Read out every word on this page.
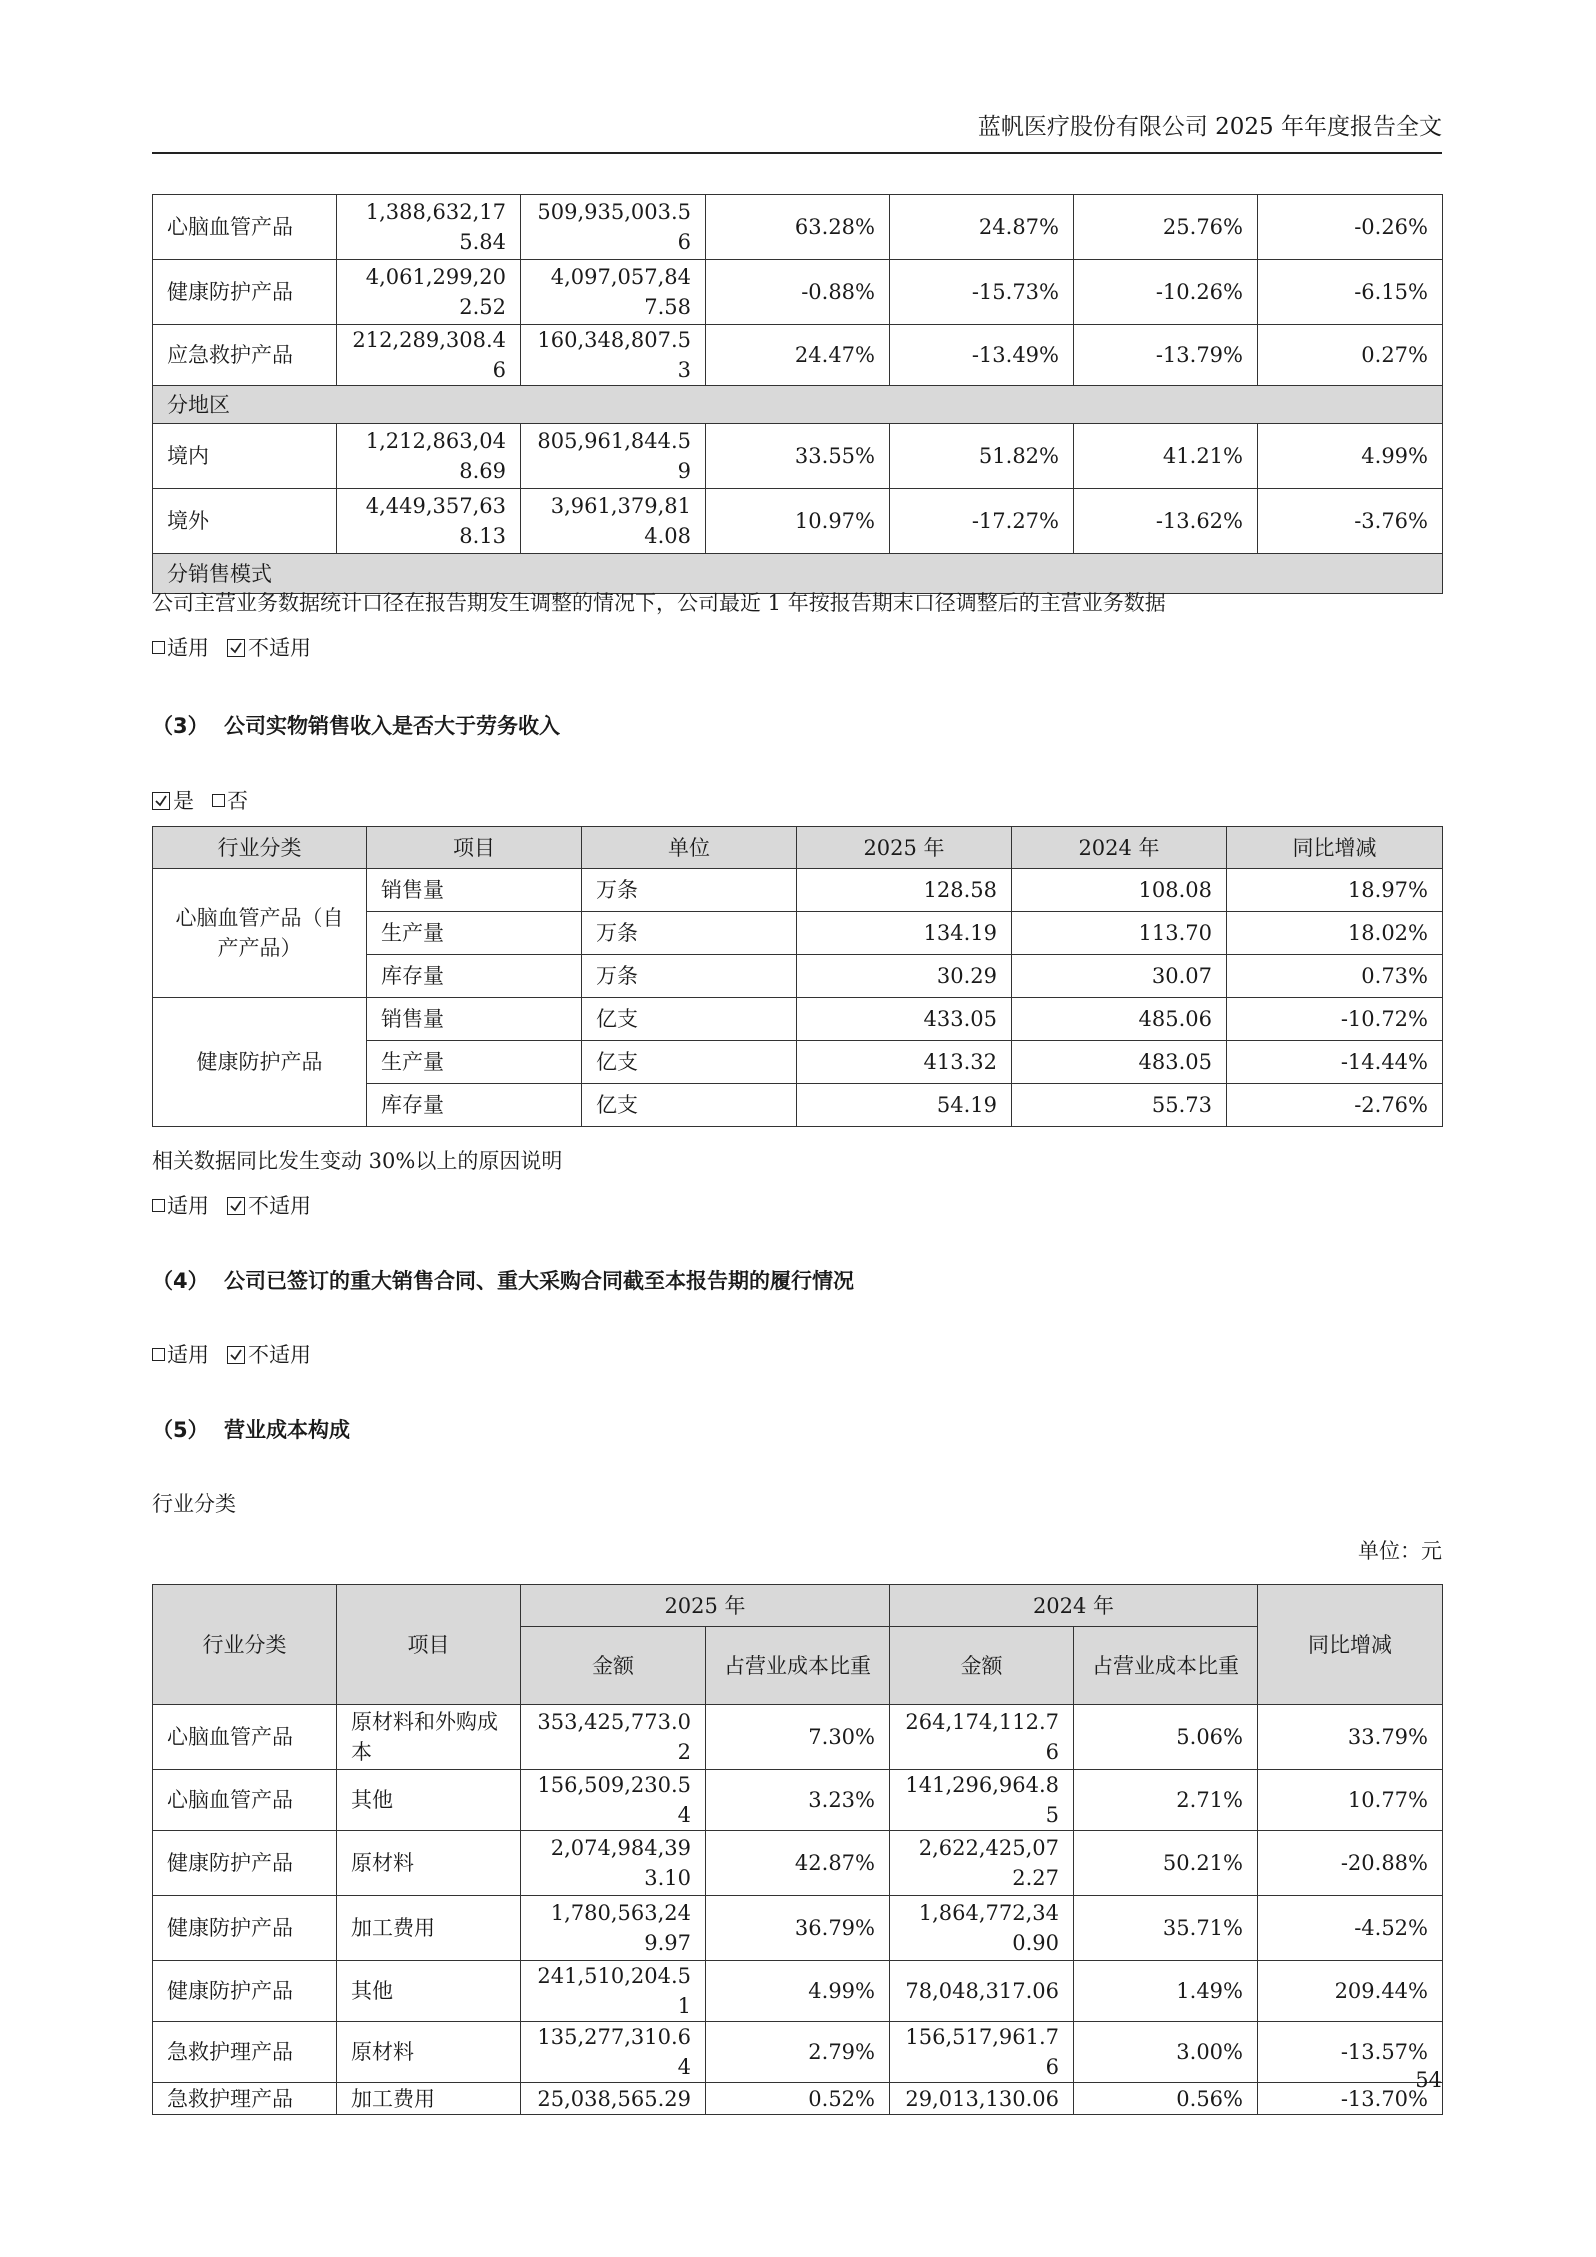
蓝帆医疗股份有限公司 2025 年年度报告全文
心脑血管产品	1,388,632,175.84	509,935,003.56	63.28%	24.87%	25.76%	-0.26%
健康防护产品	4,061,299,202.52	4,097,057,847.58	-0.88%	-15.73%	-10.26%	-6.15%
应急救护产品	212,289,308.46	160,348,807.53	24.47%	-13.49%	-13.79%	0.27%
分地区						
境内	1,212,863,048.69	805,961,844.59	33.55%	51.82%	41.21%	4.99%
境外	4,449,357,638.13	3,961,379,814.08	10.97%	-17.27%	-13.62%	-3.76%
分销售模式						
公司主营业务数据统计口径在报告期发生调整的情况下，公司最近 1 年按报告期末口径调整后的主营业务数据
适用 不适用
（3） 公司实物销售收入是否大于劳务收入
是 否
行业分类	项目	单位	2025 年	2024 年	同比增减
心脑血管产品（自产产品）	销售量	万条	128.58	108.08	18.97%
	生产量	万条	134.19	113.70	18.02%
	库存量	万条	30.29	30.07	0.73%
健康防护产品	销售量	亿支	433.05	485.06	-10.72%
	生产量	亿支	413.32	483.05	-14.44%
	库存量	亿支	54.19	55.73	-2.76%
相关数据同比发生变动 30%以上的原因说明
适用 不适用
（4） 公司已签订的重大销售合同、重大采购合同截至本报告期的履行情况
适用 不适用
（5） 营业成本构成
行业分类
单位：元
行业分类	项目	2025 年		2024 年		同比增减
		金额	占营业成本比重	金额	占营业成本比重	
心脑血管产品	原材料和外购成本	353,425,773.02	7.30%	264,174,112.76	5.06%	33.79%
心脑血管产品	其他	156,509,230.54	3.23%	141,296,964.85	2.71%	10.77%
健康防护产品	原材料	2,074,984,393.10	42.87%	2,622,425,072.27	50.21%	-20.88%
健康防护产品	加工费用	1,780,563,249.97	36.79%	1,864,772,340.90	35.71%	-4.52%
健康防护产品	其他	241,510,204.51	4.99%	78,048,317.06	1.49%	209.44%
急救护理产品	原材料	135,277,310.64	2.79%	156,517,961.76	3.00%	-13.57%
急救护理产品	加工费用	25,038,565.29	0.52%	29,013,130.06	0.56%	-13.70%
54
